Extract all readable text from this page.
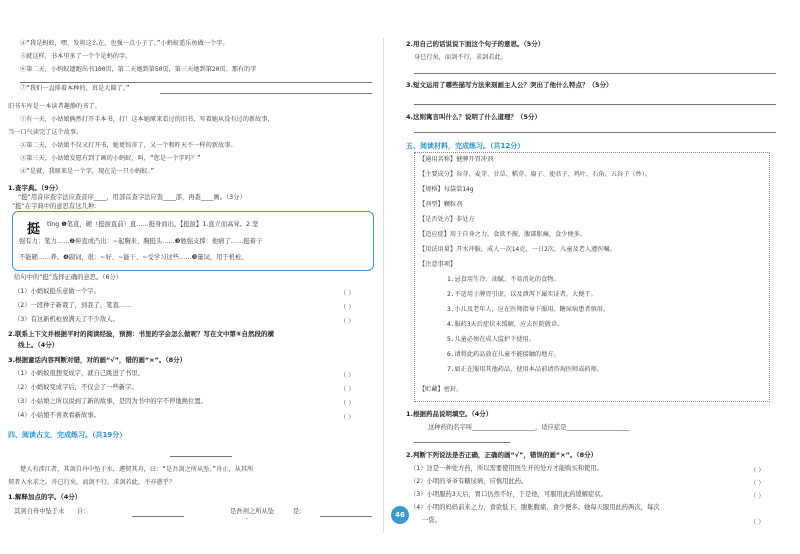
④“我是蚂蚁，嘿，发将这么在，也强一点小子了。”小蚂蚁遥乐鱼做一个字。
⑤就这样，书本里多了一个个是蚂的字。
⑥第二天，小蚂蚁遗跑出书100页，第二天她到第50页，第三天她到第20页。那有的字
⑦“我们一直排着本种的，真是大圆了。”
旧书车库是一本读者趣静的书了。
①有一天，小姑娘俩然打开手本书，打！这本她原来看过的旧书，写着她从没有过的新故事，
当一口气读完了这个故事。
②第二天，小姑娘不仅又打开书，她更惊奇了，又一个和昨天不一样的新故事。
③第三天，小姑娘发愿有到了画的小蚂蚁，叫，“您是一个字吗？”
④“是就，我原来是一个字，现在是一只小蚂蚁。”
1.查字典。（9分）
“挺”用音序查字法应查音序____，用部首查字法应查____部，再查____画。（3分）
“挺”在字典中的意思有这几种：
挺 tǐng ❶笔直，硬（挺拔直前）直……挺身而出。【挺拔】1.直立而高耸。2.坚
强有力：笔力……❷伸直或凸出：~起胸来、胸挺头……❸勉强支撑：他病了……挺着干
不能硬……养。❹副词，很：~好、~能干、~受学习这些……❺量词，用于机枪。
给句中的“挺”选择正确的意思。（6分）
（1）小蚂蚁挺乐意做一个字。	（ ）
（2）一段种子新栽了，到我了，笔直……	（ ）
（3）有这新机枪放满天了不少敌人。	（ ）
2.联系上下文并根据平时的阅读经验，预测：书里的字会怎么做呢？写在文中第⑥自然段的横
线上。（4分）
3.根据童话内容判断对错，对的画“√”，错的画“×”。（8分）
（1）小蚂蚁很想变成字，就自己跳进了书里。	（ ）
（2）小蚂蚁变成字后，不仅会了一些新字。	（ ）
（3）小姑娘之所以说到了新的故事，是因为书中的字不停地换位置。	（ ）
（4）小姑娘不喜欢看新故事。	（ ）
四、阅读古文，完成练习。（共19分）
楚人有涉江者，其剑自舟中坠于水，遽契其舟，曰：“是吾剑之所从坠。”舟止，从其所
契者入水求之。舟已行矣，而剑不行，求剑若此，不亦惑乎？
1.解释加点的字。（4分）
其剑自舟中坠于水　　自：	是吾剑之所从坠　　　是：
·	·
46
2.用自己的话说说下面这个句子的意思。（5分）
身已行矣，而剑不行，求剑若此。
3.短文运用了哪些描写方法来刻画主人公？突出了他什么特点？（5分）
4.这则寓言叫什么？说明了什么道理？（5分）
五、阅读材料，完成练习。（共12分）
【通用名称】健脾开胃冲剂
【主要成分】谷芽、麦芽、甘草、稻芽、扁子、使君子、鸡叶、石角、五谷子（炒）。
【规格】每袋装14g
【剂型】颗粒剂
【是否处方】非处方
【适应症】用于自身之力，食欲不振，腹部胀痛，食少便多。
【用法用量】开水冲服，成人一次14克，一日2次，儿童及老人遵医嘱。
【注意事项】
1.忌食用生冷、油腻、不易消化的食物。
2.不适用于脾胃引虚，以及泄泻下属实证者，大便干。
3.小儿及老年人，应在医师指导下服用。糖尿病患者慎用。
4.服药3天后症状未缓解，应去医院就诊。
5.儿童必须在成人监护下使用。
6.请将此药品放在儿童不能接触的地方。
7.如正在服用其他药品，使用本品前请咨询医师或药师。
【贮藏】密封。
1.根据药品说明填空。（4分）
这种药的名字叫____________________，适应症是____________________
2.判断下列说法是否正确，正确的画“√”，错误的画“×”。（8分）
（1）这是一种处方药，所以需要使用医生开的处方才能购买和使用。	（ ）
（2）小明的爷爷有糖尿病，应慎用此药。	（ ）
（3）小明服药3天后，胃口仍然不好，于是他，可服用此药缓解症状。	（ ）
（4）小明的妈妈前来之力，食欲低下，腹胀腹痛，食少便多。她每天服用此药两次，每次
一袋。	（ ）
